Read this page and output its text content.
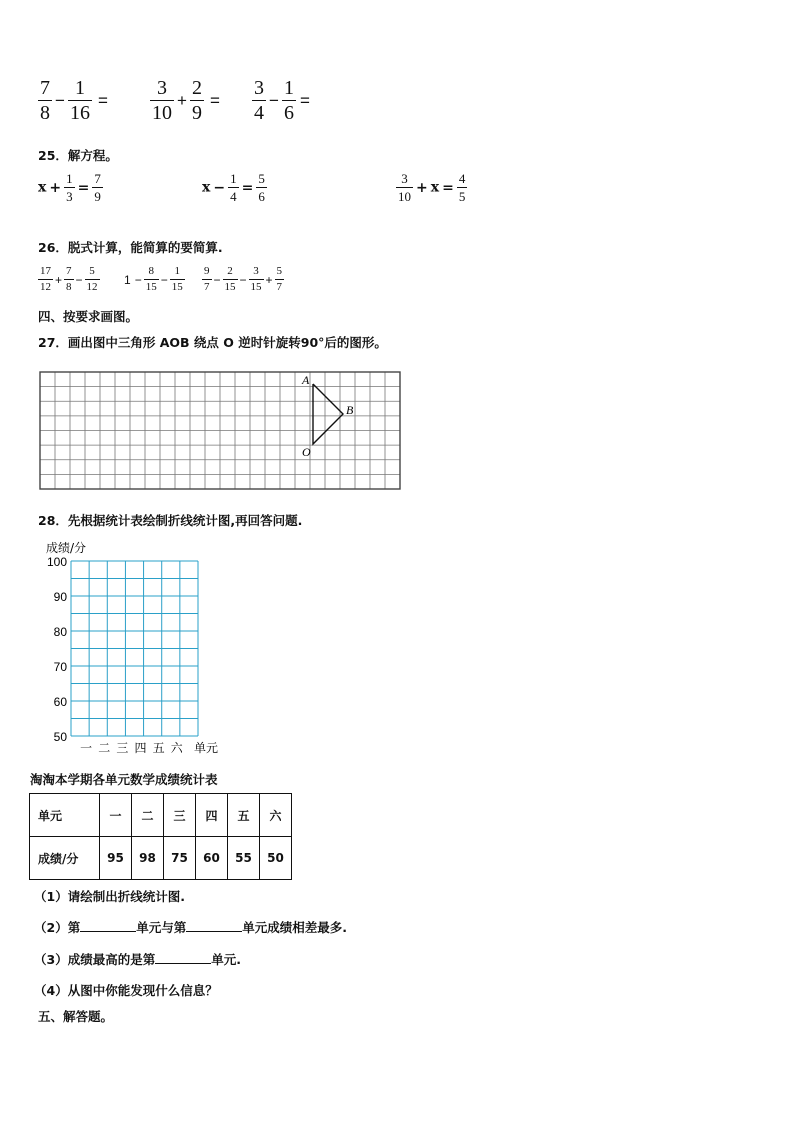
$\frac{7}{8} - \frac{1}{16} = \frac{3}{10} + \frac{2}{9} = \frac{3}{4} - \frac{1}{6}$ =
25．解方程。
$x + \frac{1}{3} = \frac{7}{9}$	$x - \frac{1}{4} = \frac{5}{6}$	$\frac{3}{10} + x = \frac{4}{5}$
26．脱式计算，能简算的要简算.
$\frac{17}{12} + \frac{7}{8} - \frac{5}{12} 1 - \frac{8}{15} - \frac{1}{15} \frac{9}{7} - \frac{2}{15} - \frac{3}{15} + \frac{5}{7}$
四、按要求画图。
27．画出图中三角形 AOB 绕点 O 逆时针旋转90°后的图形。
A
B
O
28．先根据统计表绘制折线统计图,再回答问题.
成绩/分
100
90
80
70
60
50
一 二 三 四 五 六 单元
淘淘本学期各单元数学成绩统计表
单元	一	二	三	四	五	六
成绩/分	95	98	75	60	55	50
（1）请绘制出折线统计图.
（2）第	单元与第	单元成绩相差最多.
（3）成绩最高的是第	单元.
（4）从图中你能发现什么信息？
五、解答题。
